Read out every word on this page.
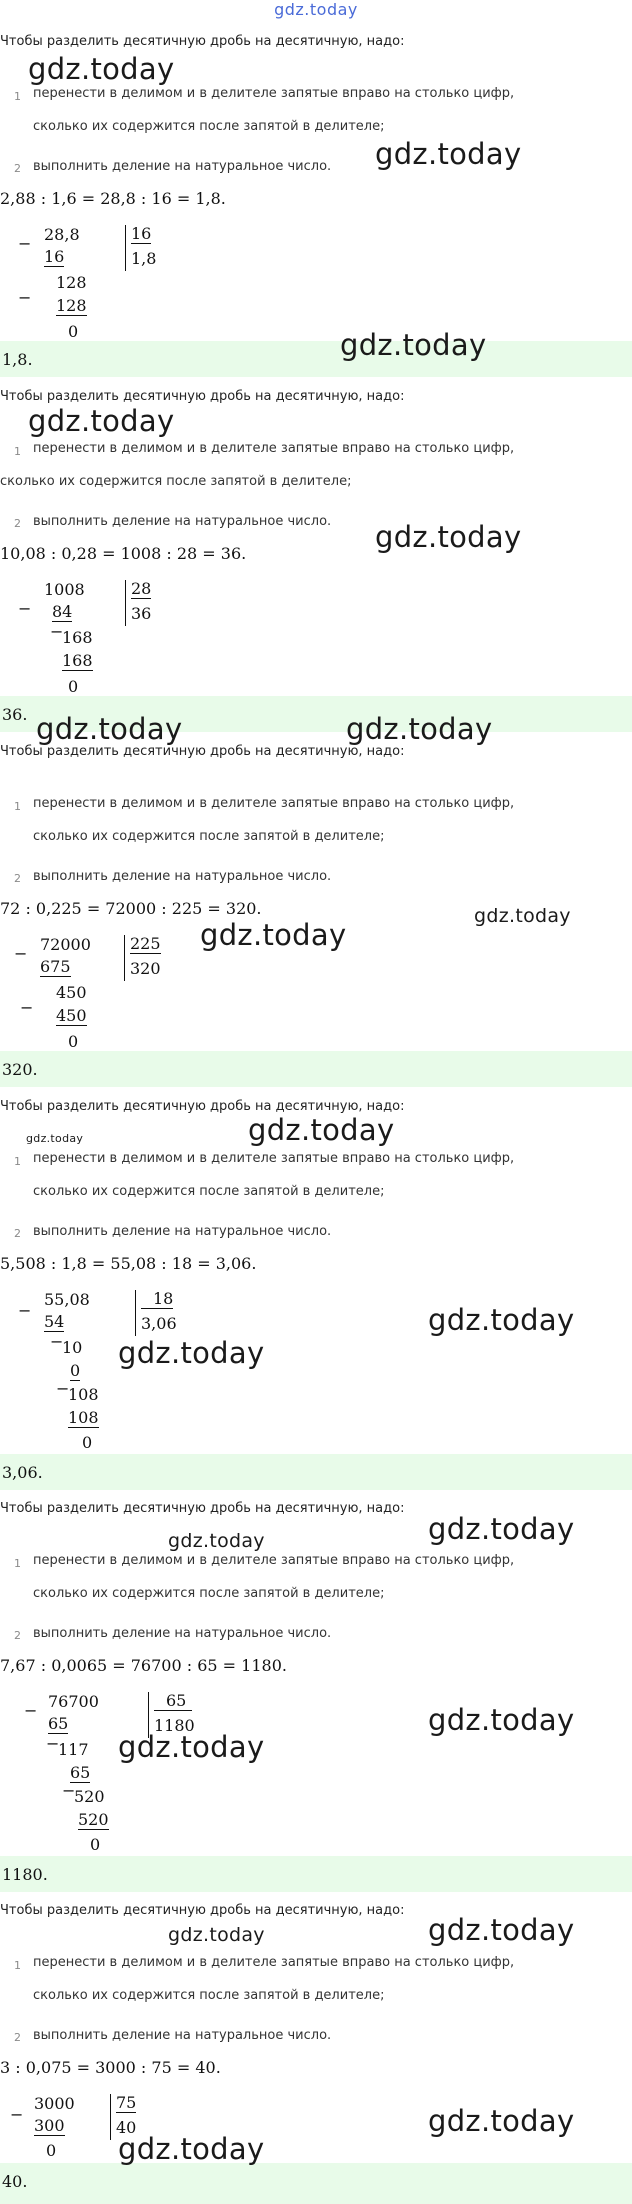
gdz.today
Чтобы разделить десятичную дробь на десятичную, надо:
1 перенести в делимом и в делителе запятые вправо на столько цифр,
сколько их содержится после запятой в делителе;
2 выполнить деление на натуральное число.
2,88 : 1,6 = 28,8 : 16 = 1,8.
− 28,8
16
−
128
128
0
16
1,8
1,8.
Чтобы разделить десятичную дробь на десятичную, надо:
1 перенести в делимом и в делителе запятые вправо на столько цифр,
сколько их содержится после запятой в делителе;
2 выполнить деление на натуральное число.
10,08 : 0,28 = 1008 : 28 = 36.
−
1008
84
−
168
168
0
28
36
36.
Чтобы разделить десятичную дробь на десятичную, надо:
1 перенести в делимом и в делителе запятые вправо на столько цифр,
сколько их содержится после запятой в делителе;
2 выполнить деление на натуральное число.
72 : 0,225 = 72000 : 225 = 320.
− 72000
675
−
450
450
0
225
320
320.
Чтобы разделить десятичную дробь на десятичную, надо:
1 перенести в делимом и в делителе запятые вправо на столько цифр,
сколько их содержится после запятой в делителе;
2 выполнить деление на натуральное число.
5,508 : 1,8 = 55,08 : 18 = 3,06.
−
55,08
54
−
10
0
−
108
108
0
18
3,06
3,06.
Чтобы разделить десятичную дробь на десятичную, надо:
1 перенести в делимом и в делителе запятые вправо на столько цифр,
сколько их содержится после запятой в делителе;
2 выполнить деление на натуральное число.
7,67 : 0,0065 = 76700 : 65 = 1180.
− 76700
65
−
117
65
−
520
520
0
65
1180
1180.
Чтобы разделить десятичную дробь на десятичную, надо:
1 перенести в делимом и в делителе запятые вправо на столько цифр,
сколько их содержится после запятой в делителе;
2 выполнить деление на натуральное число.
3 : 0,075 = 3000 : 75 = 40.
−
3000
300
0
75
40
40.
gdz.today
gdz.today
gdz.today
gdz.today
gdz.today
gdz.today	gdz.today
gdz.today
gdz.today
gdz.today
gdz.today
gdz.today
gdz.today
gdz.today
gdz.today
gdz.today
gdz.today
gdz.today
gdz.today
gdz.today
gdz.today
